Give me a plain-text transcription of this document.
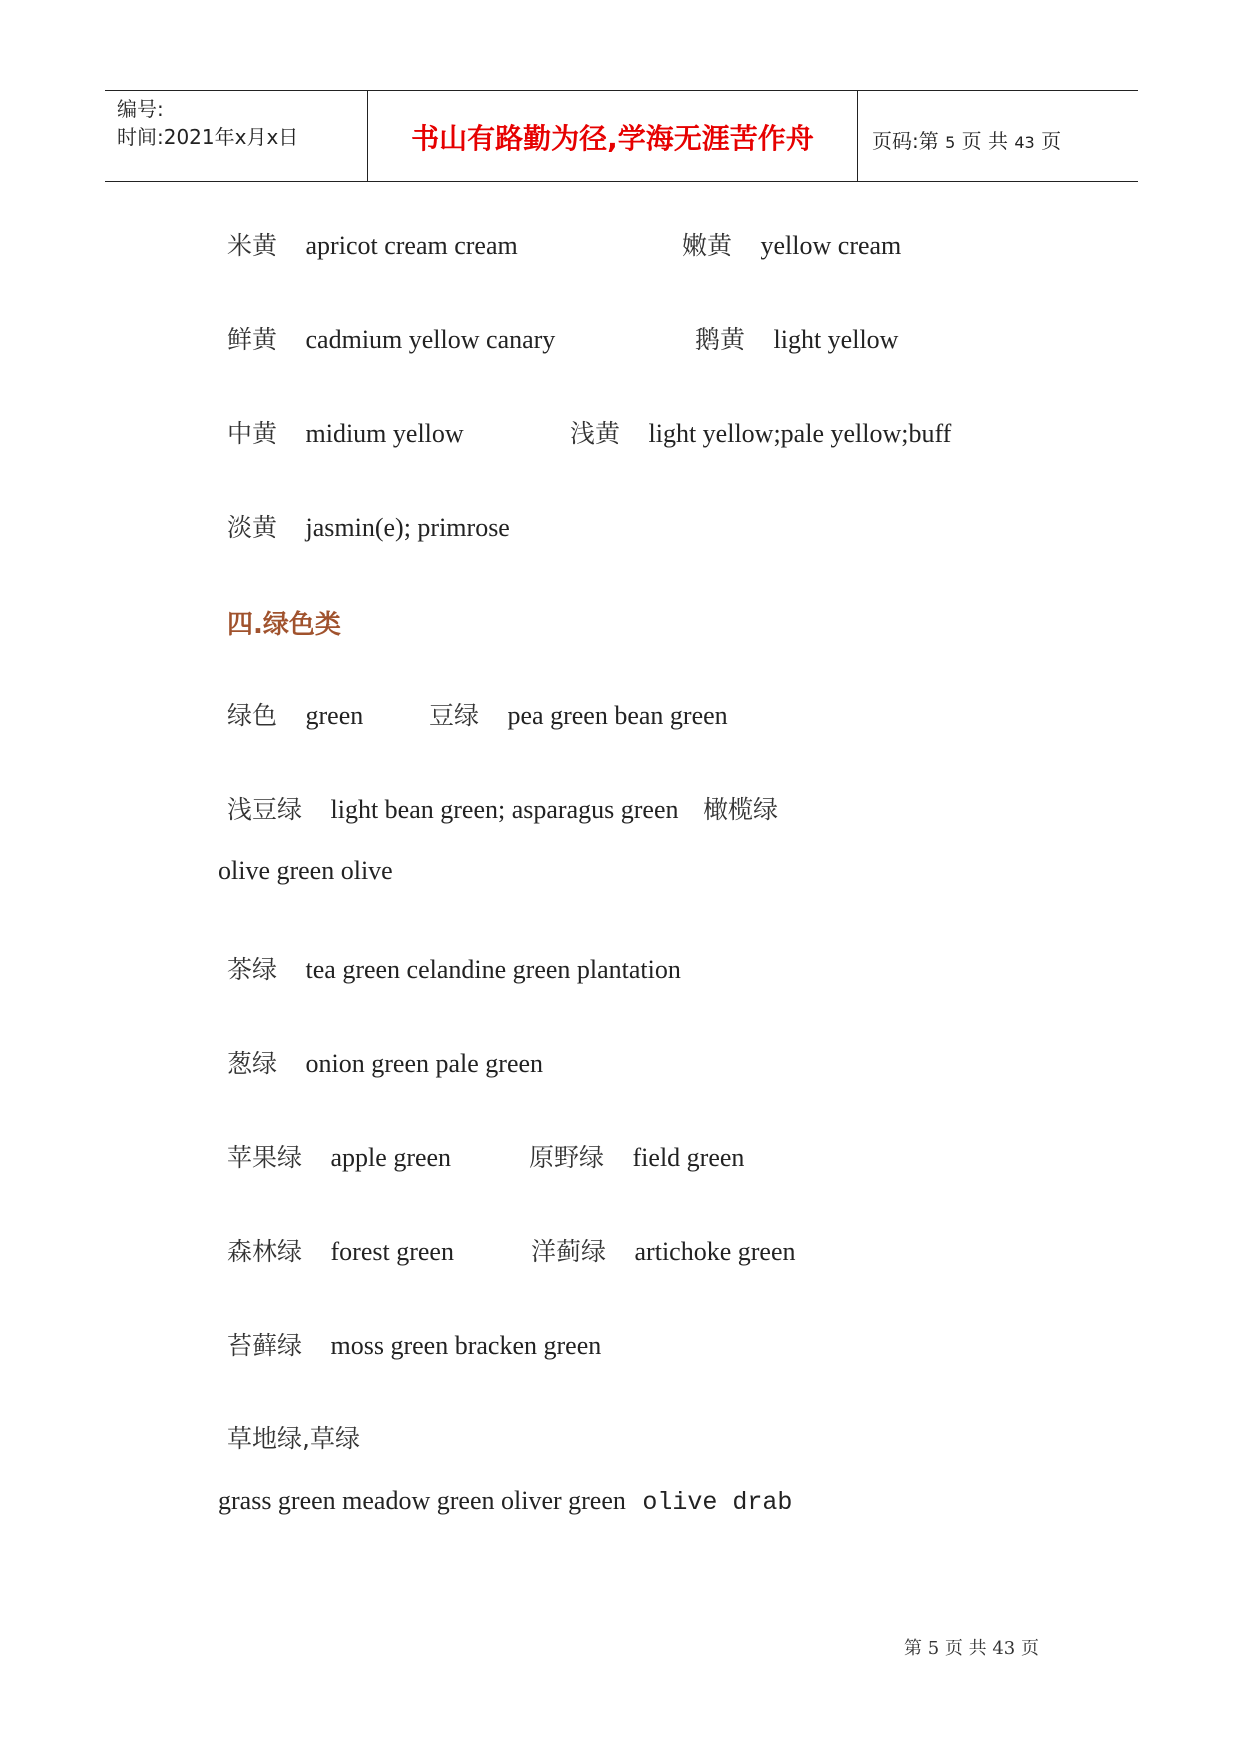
编号:
时间:2021年x月x日	书山有路勤为径,学海无涯苦作舟	页码:第 5 页 共 43 页
米黄 apricot cream cream	嫩黄 yellow cream
鲜黄 cadmium yellow canary	鹅黄 light yellow
中黄 midium yellow	浅黄 light yellow;pale yellow;buff
淡黄 jasmin(e); primrose
四.绿色类
绿色 green	豆绿 pea green bean green
浅豆绿 light bean green; asparagus green 橄榄绿
olive green olive
茶绿 tea green celandine green plantation
葱绿 onion green pale green
苹果绿 apple green	原野绿 field green
森林绿 forest green	洋蓟绿 artichoke green
苔藓绿 moss green bracken green
草地绿,草绿
grass green meadow green oliver green olive drab
第 5 页 共 43 页
